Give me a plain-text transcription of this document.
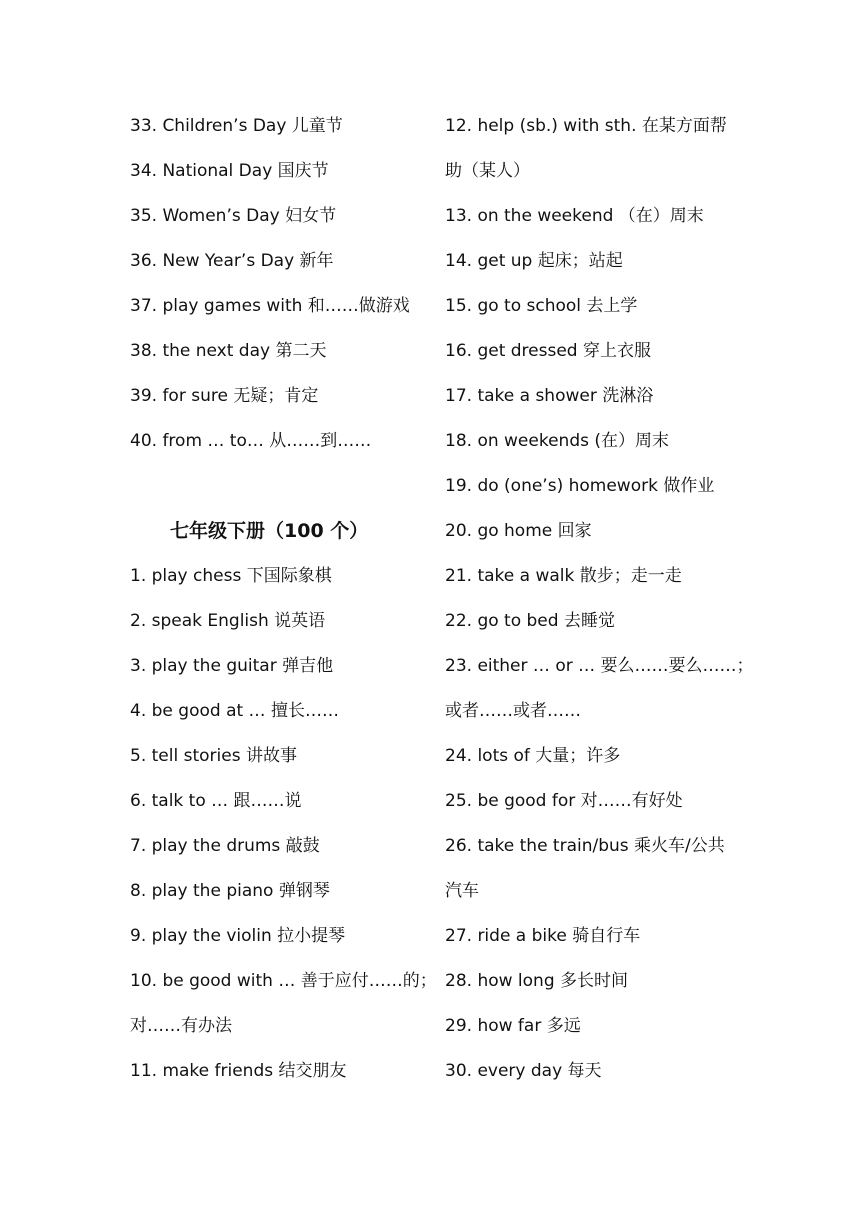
33. Children’s Day 儿童节
34. National Day 国庆节
35. Women’s Day 妇女节
36. New Year’s Day 新年
37. play games with 和……做游戏
38. the next day 第二天
39. for sure 无疑；肯定
40. from … to… 从……到……
七年级下册（100 个）
1. play chess 下国际象棋
2. speak English 说英语
3. play the guitar 弹吉他
4. be good at … 擅长……
5. tell stories 讲故事
6. talk to … 跟……说
7. play the drums 敲鼓
8. play the piano 弹钢琴
9. play the violin 拉小提琴
10. be good with … 善于应付……的；
对……有办法
11. make friends 结交朋友
12. help (sb.) with sth. 在某方面帮
助（某人）
13. on the weekend （在）周末
14. get up 起床；站起
15. go to school 去上学
16. get dressed 穿上衣服
17. take a shower 洗淋浴
18. on weekends (在）周末
19. do (one’s) homework 做作业
20. go home 回家
21. take a walk 散步；走一走
22. go to bed 去睡觉
23. either … or … 要么……要么……；
或者……或者……
24. lots of 大量；许多
25. be good for 对……有好处
26. take the train/bus 乘火车/公共
汽车
27. ride a bike 骑自行车
28. how long 多长时间
29. how far 多远
30. every day 每天
